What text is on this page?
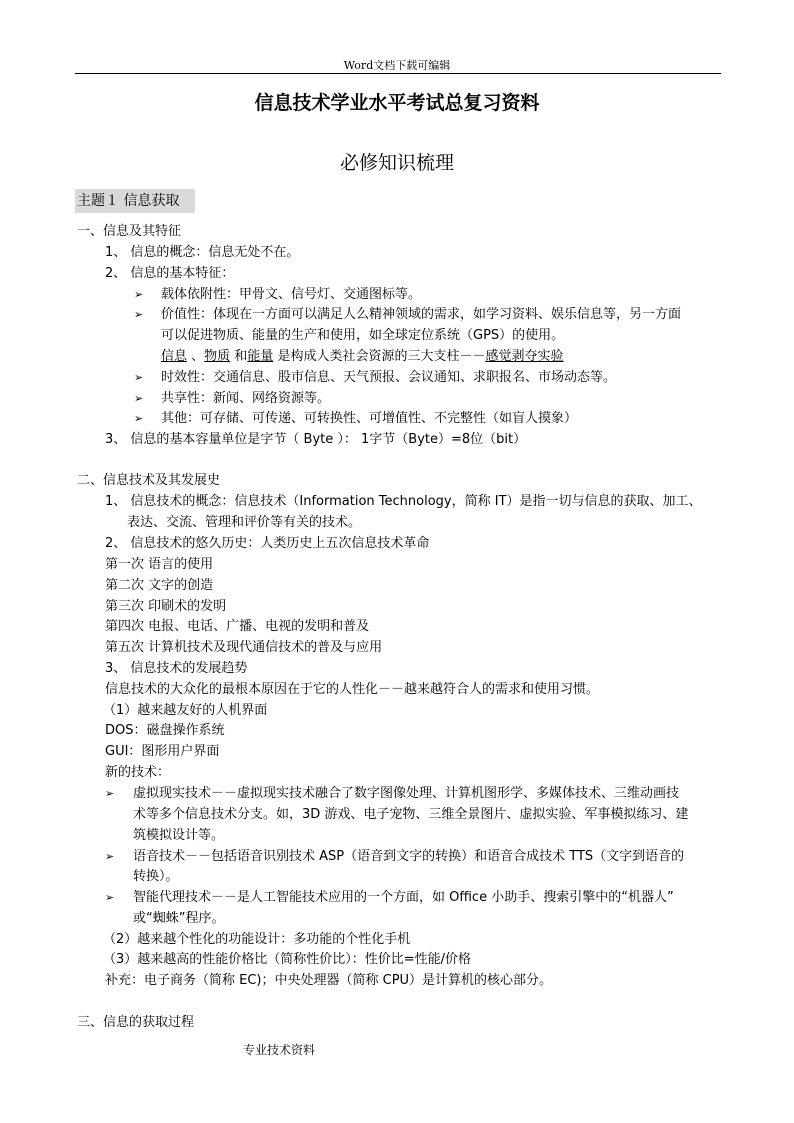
Word文档下载可编辑
信息技术学业水平考试总复习资料
必修知识梳理
主题１ 信息获取
一、信息及其特征
1、 信息的概念：信息无处不在。
2、 信息的基本特征：
➢ 载体依附性：甲骨文、信号灯、交通图标等。
➢ 价值性：体现在一方面可以满足人么精神领域的需求，如学习资料、娱乐信息等，另一方面
可以促进物质、能量的生产和使用，如全球定位系统（GPS）的使用。
信息 、物质 和能量 是构成人类社会资源的三大支柱－－感觉剥夺实验
➢ 时效性：交通信息、股市信息、天气预报、会议通知、求职报名、市场动态等。
➢ 共享性：新闻、网络资源等。
➢ 其他：可存储、可传递、可转换性、可增值性、不完整性（如盲人摸象）
3、 信息的基本容量单位是字节（ Byte ）： 1字节（Byte）=8位（bit）
二、信息技术及其发展史
1、 信息技术的概念：信息技术（Information Technology，简称 IT）是指一切与信息的获取、加工、
表达、交流、管理和评价等有关的技术。
2、 信息技术的悠久历史：人类历史上五次信息技术革命
第一次 语言的使用
第二次 文字的创造
第三次 印刷术的发明
第四次 电报、电话、广播、电视的发明和普及
第五次 计算机技术及现代通信技术的普及与应用
3、 信息技术的发展趋势
信息技术的大众化的最根本原因在于它的人性化－－越来越符合人的需求和使用习惯。
（1）越来越友好的人机界面
DOS：磁盘操作系统
GUI：图形用户界面
新的技术：
➢ 虚拟现实技术－－虚拟现实技术融合了数字图像处理、计算机图形学、多媒体技术、三维动画技
术等多个信息技术分支。如，3D 游戏、电子宠物、三维全景图片、虚拟实验、军事模拟练习、建
筑模拟设计等。
➢ 语音技术－－包括语音识别技术 ASP（语音到文字的转换）和语音合成技术 TTS（文字到语音的
转换）。
➢ 智能代理技术－－是人工智能技术应用的一个方面，如 Office 小助手、搜索引擎中的“机器人”
或“蜘蛛”程序。
（2）越来越个性化的功能设计：多功能的个性化手机
（3）越来越高的性能价格比（简称性价比）：性价比=性能/价格
补充：电子商务（简称 EC)；中央处理器（简称 CPU）是计算机的核心部分。
三、信息的获取过程
专业技术资料
